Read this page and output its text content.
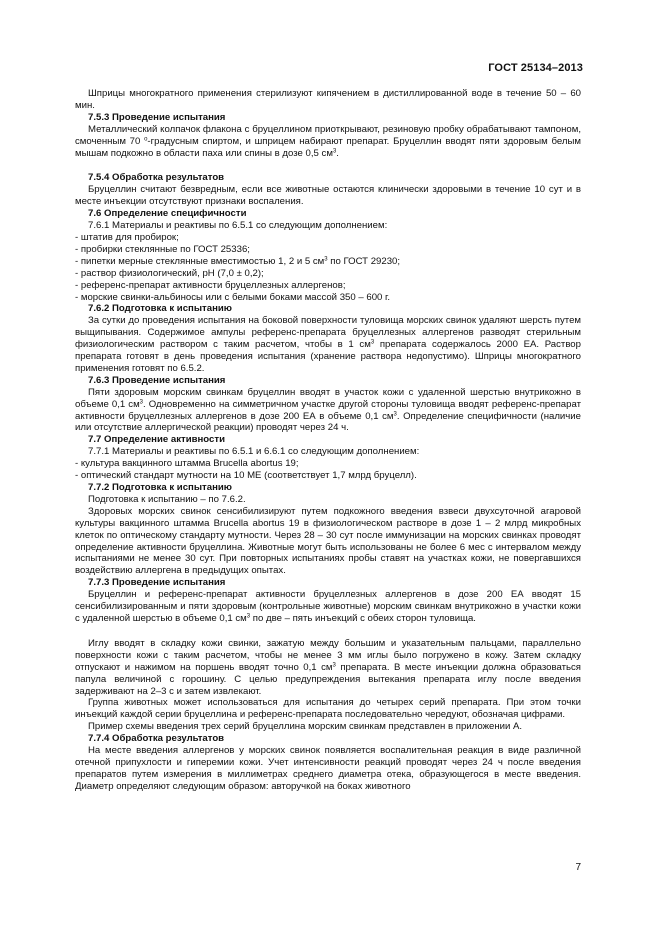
ГОСТ 25134–2013

Шприцы многократного применения стерилизуют кипячением в дистиллированной воде в течение 50 – 60 мин.

7.5.3 Проведение испытания

Металлический колпачок флакона с бруцеллином приоткрывают, резиновую пробку обрабатывают тампоном, смоченным 70 $^о$-градусным спиртом, и шприцем набирают препарат. Бруцеллин вводят пяти здоровым белым мышам подкожно в области паха или спины в дозе 0,5 $см^3$.

7.5.4 Обработка результатов

Бруцеллин считают безвредным, если все животные остаются клинически здоровыми в течение 10 сут и в месте инъекции отсутствуют признаки воспаления.

7.6 Определение специфичности

7.6.1 Материалы и реактивы по 6.5.1 со следующим дополнением:

- штатив для пробирок;

- пробирки стеклянные по ГОСТ 25336;

- пипетки мерные стеклянные вместимостью 1, 2 и 5 $см^3$ по ГОСТ 29230;

- раствор физиологический, рН (7,0 ± 0,2);

- референс-препарат активности бруцеллезных аллергенов;

- морские свинки-альбиносы или с белыми боками массой 350 – 600 г.

7.6.2 Подготовка к испытанию

За сутки до проведения испытания на боковой поверхности туловища морских свинок удаляют шерсть путем выщипывания. Содержимое ампулы референс-препарата бруцеллезных аллергенов разводят стерильным физиологическим раствором с таким расчетом, чтобы в 1 $см^3$ препарата содержалось 2000 ЕА. Раствор препарата готовят в день проведения испытания (хранение раствора недопустимо). Шприцы многократного применения готовят по 6.5.2.

7.6.3 Проведение испытания

Пяти здоровым морским свинкам бруцеллин вводят в участок кожи с удаленной шерстью внутрикожно в объеме 0,1 $см^3$. Одновременно на симметричном участке другой стороны туловища вводят референс-препарат активности бруцеллезных аллергенов в дозе 200 ЕА в объеме 0,1 $см^3$. Определение специфичности (наличие или отсутствие аллергической реакции) проводят через 24 ч.

7.7 Определение активности

7.7.1 Материалы и реактивы по 6.5.1 и 6.6.1 со следующим дополнением:

- культура вакцинного штамма Brucella abortus 19;

- оптический стандарт мутности на 10 МЕ (соответствует 1,7 млрд бруцелл).

7.7.2 Подготовка к испытанию

Подготовка к испытанию – по 7.6.2.

Здоровых морских свинок сенсибилизируют путем подкожного введения взвеси двухсуточной агаровой культуры вакцинного штамма Brucella abortus 19 в физиологическом растворе в дозе 1 – 2 млрд микробных клеток по оптическому стандарту мутности. Через 28 – 30 сут после иммунизации на морских свинках проводят определение активности бруцеллина. Животные могут быть использованы не более 6 мес с интервалом между испытаниями не менее 30 сут. При повторных испытаниях пробы ставят на участках кожи, не повергавшихся воздействию аллергена в предыдущих опытах.

7.7.3 Проведение испытания

Бруцеллин и референс-препарат активности бруцеллезных аллергенов в дозе 200 ЕА вводят 15 сенсибилизированным и пяти здоровым (контрольные животные) морским свинкам внутрикожно в участки кожи с удаленной шерстью в объеме 0,1 $см^3$ по две – пять инъекций с обеих сторон туловища.

Иглу вводят в складку кожи свинки, зажатую между большим и указательным пальцами, параллельно поверхности кожи с таким расчетом, чтобы не менее 3 мм иглы было погружено в кожу. Затем складку отпускают и нажимом на поршень вводят точно 0,1 $см^3$ препарата. В месте инъекции должна образоваться папула величиной с горошину. С целью предупреждения вытекания препарата иглу после введения задерживают на 2–3 с и затем извлекают.

Группа животных может использоваться для испытания до четырех серий препарата. При этом точки инъекций каждой серии бруцеллина и референс-препарата последовательно чередуют, обозначая цифрами.

Пример схемы введения трех серий бруцеллина морским свинкам представлен в приложении А.

7.7.4 Обработка результатов

На месте введения аллергенов у морских свинок появляется воспалительная реакция в виде различной отечной припухлости и гиперемии кожи. Учет интенсивности реакций проводят через 24 ч после введения препаратов путем измерения в миллиметрах среднего диаметра отека, образующегося в месте введения. Диаметр определяют следующим образом: авторучкой на боках животного

7
